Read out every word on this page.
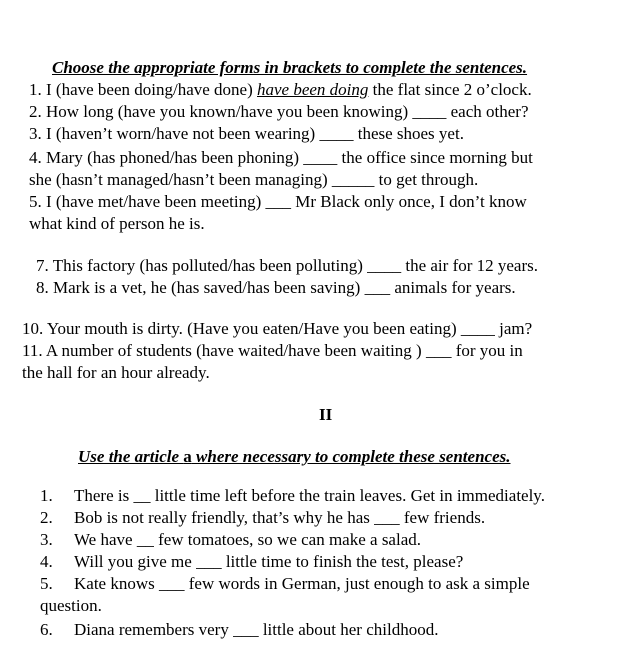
Choose the appropriate forms in brackets to complete the sentences.
1. I (have been doing/have done) have been doing the flat since 2 o’clock.
2. How long (have you known/have you been knowing) ____ each other?
3. I (haven’t worn/have not been wearing) ____ these shoes yet.
4. Mary (has phoned/has been phoning) ____ the office since morning but
she (hasn’t managed/hasn’t been managing) _____ to get through.
5. I (have met/have been meeting) ___ Mr Black only once, I don’t know
what kind of person he is.
7. This factory (has polluted/has been polluting) ____ the air for 12 years.
8. Mark is a vet, he (has saved/has been saving) ___ animals for years.
10. Your mouth is dirty. (Have you eaten/Have you been eating) ____ jam?
11. A number of students (have waited/have been waiting ) ___ for you in
the hall for an hour already.
II
Use the article a where necessary to complete these sentences.
1. There is __ little time left before the train leaves. Get in immediately.
2. Bob is not really friendly, that’s why he has ___ few friends.
3. We have __ few tomatoes, so we can make a salad.
4. Will you give me ___ little time to finish the test, please?
5. Kate knows ___ few words in German, just enough to ask a simple
question.
6. Diana remembers very ___ little about her childhood.
